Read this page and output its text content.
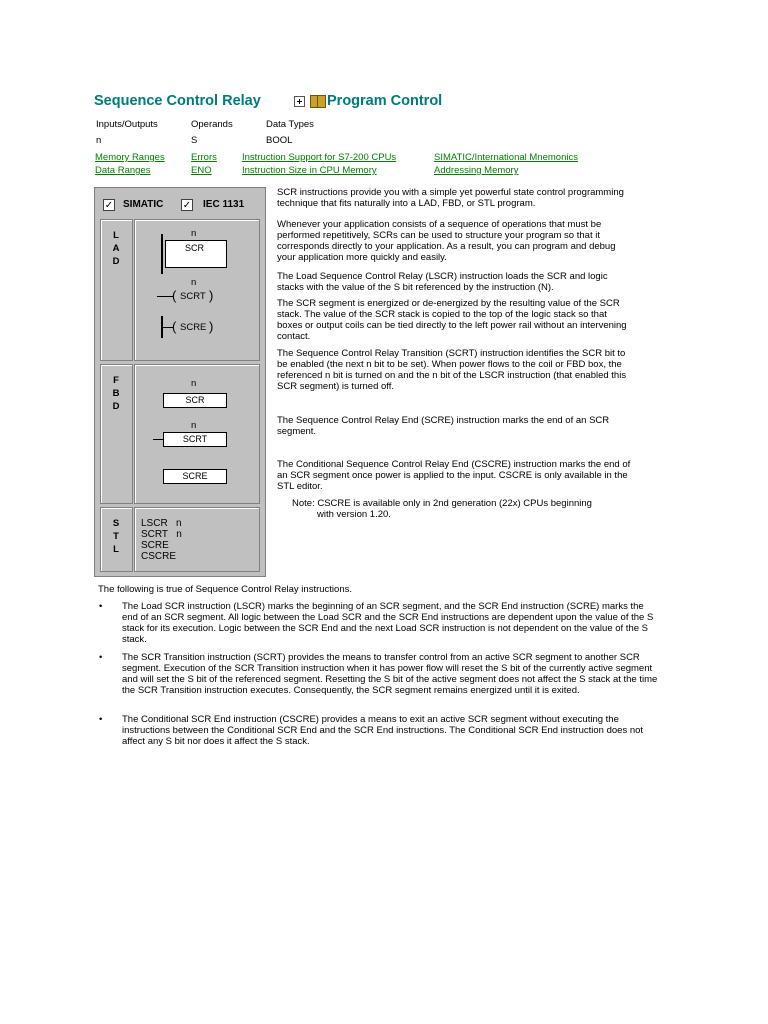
Sequence Control Relay	Program Control
Inputs/Outputs	Operands	Data Types
n	S	BOOL
Memory Ranges	Errors	Instruction Support for S7-200 CPUs	SIMATIC/International Mnemonics
Data Ranges	ENO	Instruction Size in CPU Memory	Addressing Memory
✓ SIMATIC ✓ IEC 1131
L
A
D
n
SCR
n
( SCRT )
( SCRE )
F
B
D
n
SCR
n
SCRT
SCRE
S
T
L
LSCR   n
SCRT   n
SCRE
CSCRE
SCR instructions provide you with a simple yet powerful state control programming technique that fits naturally into a LAD, FBD, or STL program.
Whenever your application consists of a sequence of operations that must be performed repetitively, SCRs can be used to structure your program so that it corresponds directly to your application. As a result, you can program and debug your application more quickly and easily.
The Load Sequence Control Relay (LSCR) instruction loads the SCR and logic stacks with the value of the S bit referenced by the instruction (N).
The SCR segment is energized or de-energized by the resulting value of the SCR stack. The value of the SCR stack is copied to the top of the logic stack so that boxes or output coils can be tied directly to the left power rail without an intervening contact.
The Sequence Control Relay Transition (SCRT) instruction identifies the SCR bit to be enabled (the next n bit to be set). When power flows to the coil or FBD box, the referenced n bit is turned on and the n bit of the LSCR instruction (that enabled this SCR segment) is turned off.
The Sequence Control Relay End (SCRE) instruction marks the end of an SCR segment.
The Conditional Sequence Control Relay End (CSCRE) instruction marks the end of an SCR segment once power is applied to the input. CSCRE is only available in the STL editor.
Note: CSCRE is available only in 2nd generation (22x) CPUs beginning
with version 1.20.
The following is true of Sequence Control Relay instructions.
• The Load SCR instruction (LSCR) marks the beginning of an SCR segment, and the SCR End instruction (SCRE) marks the end of an SCR segment. All logic between the Load SCR and the SCR End instructions are dependent upon the value of the S stack for its execution. Logic between the SCR End and the next Load SCR instruction is not dependent on the value of the S stack.
• The SCR Transition instruction (SCRT) provides the means to transfer control from an active SCR segment to another SCR segment. Execution of the SCR Transition instruction when it has power flow will reset the S bit of the currently active segment and will set the S bit of the referenced segment. Resetting the S bit of the active segment does not affect the S stack at the time the SCR Transition instruction executes. Consequently, the SCR segment remains energized until it is exited.
• The Conditional SCR End instruction (CSCRE) provides a means to exit an active SCR segment without executing the instructions between the Conditional SCR End and the SCR End instructions. The Conditional SCR End instruction does not affect any S bit nor does it affect the S stack.
